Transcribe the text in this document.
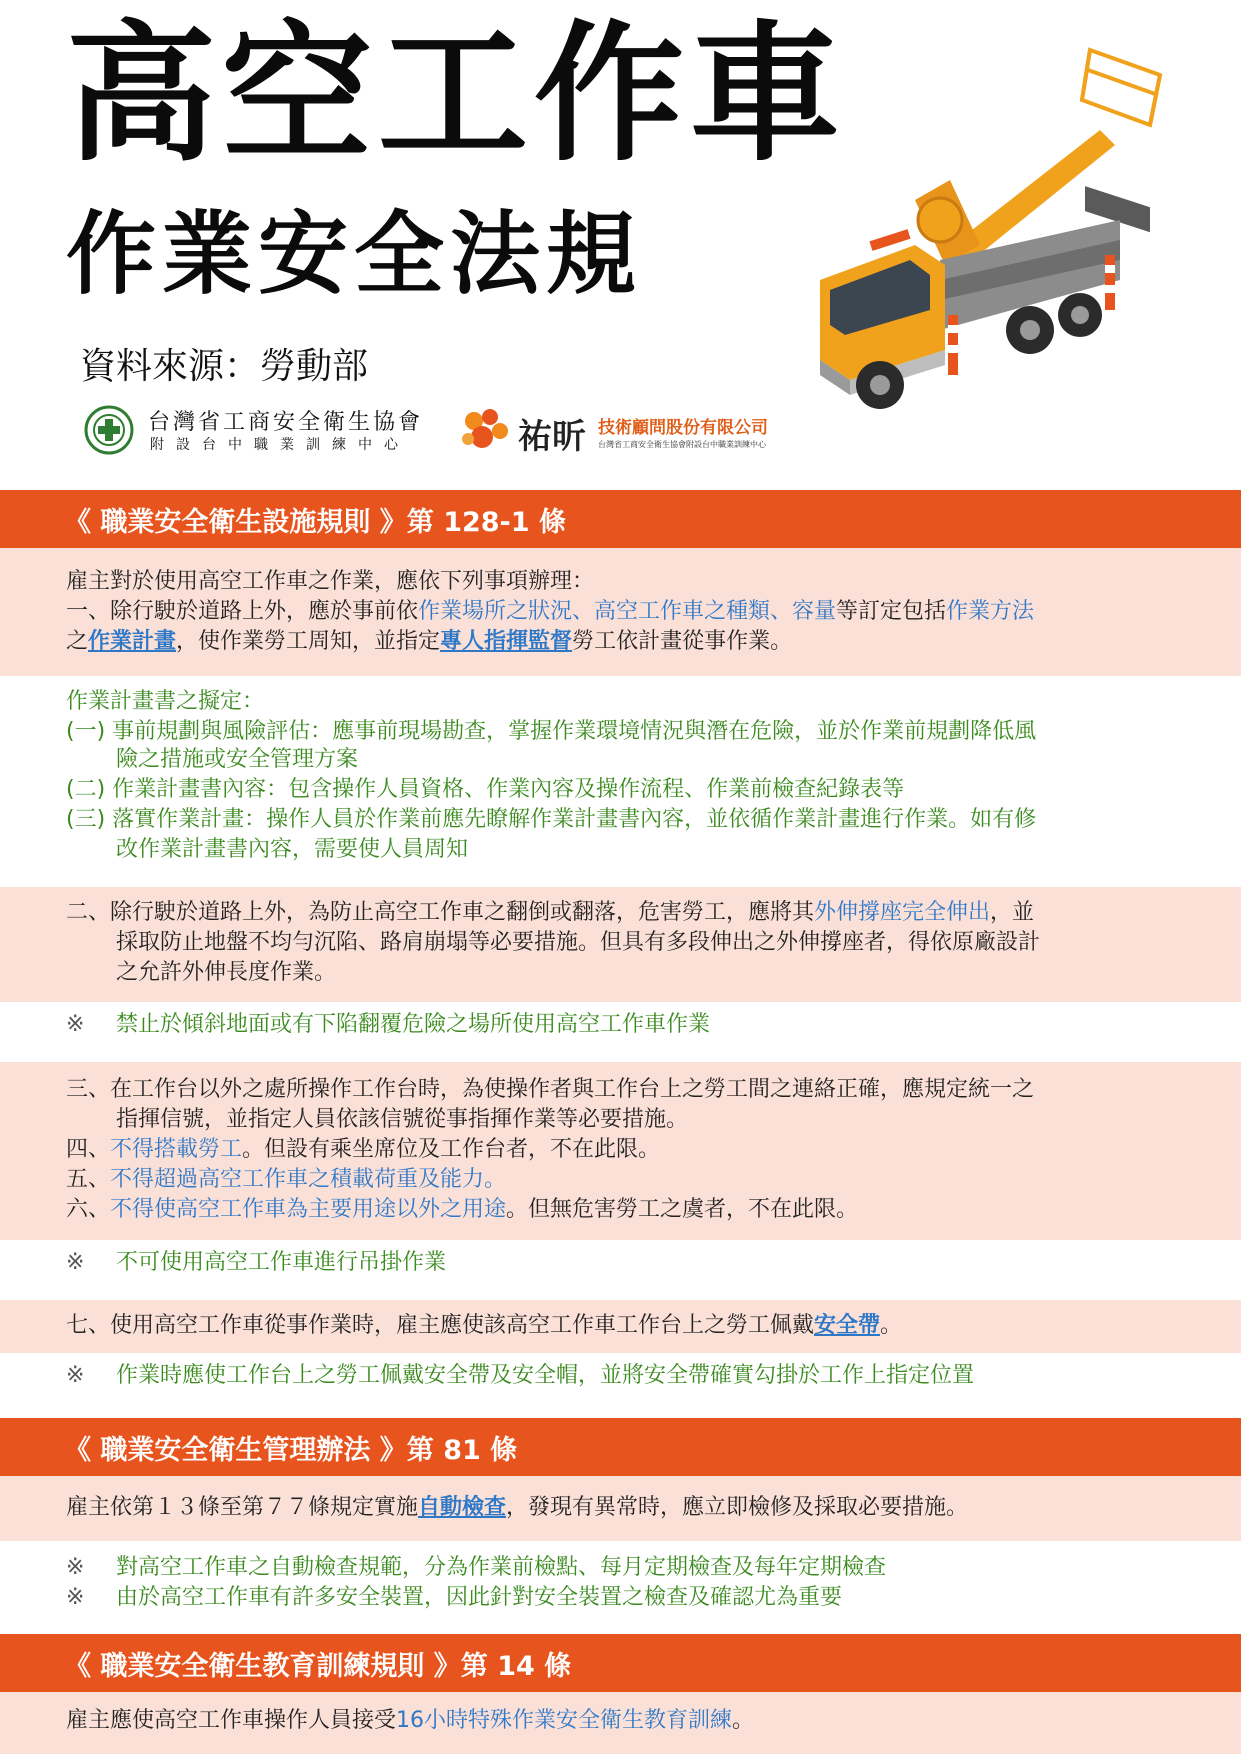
高空工作車
作業安全法規
資料來源：勞動部
台灣省工商安全衛生協會
附設台中職業訓練中心	祐昕 技術顧問股份有限公司
台灣省工商安全衛生協會附設台中職業訓練中心
《 職業安全衛生設施規則 》第 128-1 條
雇主對於使用高空工作車之作業，應依下列事項辦理：
一、除行駛於道路上外，應於事前依作業場所之狀況、高空工作車之種類、容量等訂定包括作業方法
之作業計畫，使作業勞工周知，並指定專人指揮監督勞工依計畫從事作業。
作業計畫書之擬定：
(一) 事前規劃與風險評估：應事前現場勘查，掌握作業環境情況與潛在危險，並於作業前規劃降低風
險之措施或安全管理方案
(二) 作業計畫書內容：包含操作人員資格、作業內容及操作流程、作業前檢查紀錄表等
(三) 落實作業計畫：操作人員於作業前應先瞭解作業計畫書內容，並依循作業計畫進行作業。如有修
改作業計畫書內容，需要使人員周知
二、除行駛於道路上外，為防止高空工作車之翻倒或翻落，危害勞工，應將其外伸撐座完全伸出，並
採取防止地盤不均勻沉陷、路肩崩塌等必要措施。但具有多段伸出之外伸撐座者，得依原廠設計
之允許外伸長度作業。
※ 禁止於傾斜地面或有下陷翻覆危險之場所使用高空工作車作業
三、在工作台以外之處所操作工作台時，為使操作者與工作台上之勞工間之連絡正確，應規定統一之
指揮信號，並指定人員依該信號從事指揮作業等必要措施。
四、不得搭載勞工。但設有乘坐席位及工作台者，不在此限。
五、不得超過高空工作車之積載荷重及能力。
六、不得使高空工作車為主要用途以外之用途。但無危害勞工之虞者，不在此限。
※ 不可使用高空工作車進行吊掛作業
七、使用高空工作車從事作業時，雇主應使該高空工作車工作台上之勞工佩戴安全帶。
※ 作業時應使工作台上之勞工佩戴安全帶及安全帽，並將安全帶確實勾掛於工作上指定位置
《 職業安全衛生管理辦法 》第 81 條
雇主依第１３條至第７７條規定實施自動檢查，發現有異常時，應立即檢修及採取必要措施。
※ 對高空工作車之自動檢查規範，分為作業前檢點、每月定期檢查及每年定期檢查
※ 由於高空工作車有許多安全裝置，因此針對安全裝置之檢查及確認尤為重要
《 職業安全衛生教育訓練規則 》第 14 條
雇主應使高空工作車操作人員接受16小時特殊作業安全衛生教育訓練。
